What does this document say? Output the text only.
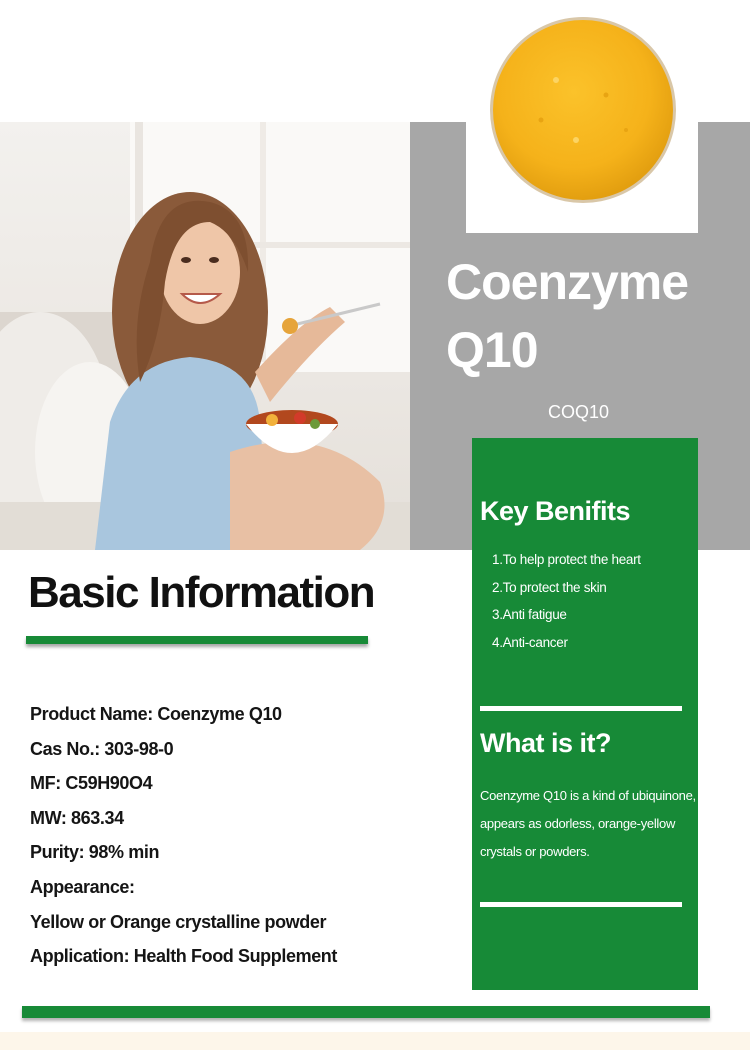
Coenzyme Q10
COQ10
Key Benifits
1.To help protect the heart
2.To protect the skin
3.Anti fatigue
4.Anti-cancer
What is it?
Coenzyme Q10 is a kind of ubiquinone, appears as odorless, orange-yellow crystals or powders.
Basic Information
Product Name: Coenzyme Q10
Cas No.: 303-98-0
MF: C59H90O4
MW: 863.34
Purity: 98% min
Appearance:
Yellow or Orange crystalline powder
Application: Health Food Supplement
